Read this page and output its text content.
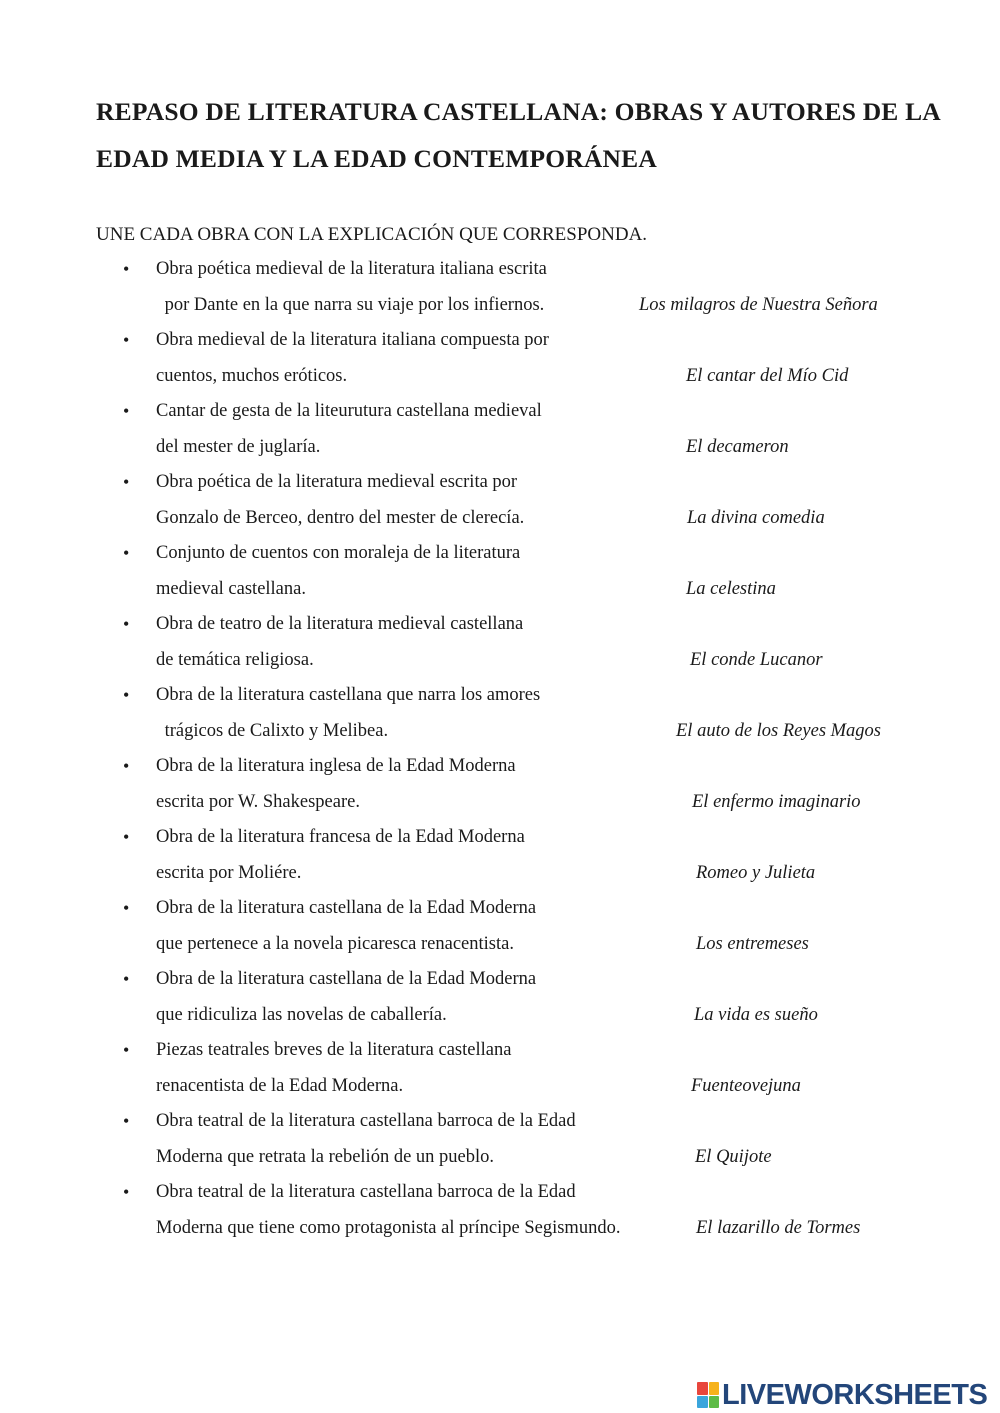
REPASO DE LITERATURA CASTELLANA: OBRAS Y AUTORES DE LA EDAD MEDIA Y LA EDAD CONTEMPORÁNEA

UNE CADA OBRA CON LA EXPLICACIÓN QUE CORRESPONDA.

• Obra poética medieval de la literatura italiana escrita
por Dante en la que narra su viaje por los infiernos.	Los milagros de Nuestra Señora
• Obra medieval de la literatura italiana compuesta por
cuentos, muchos eróticos.	El cantar del Mío Cid
• Cantar de gesta de la liteurutura castellana medieval
del mester de juglaría.	El decameron
• Obra poética de la literatura medieval escrita por
Gonzalo de Berceo, dentro del mester de clerecía.	La divina comedia
• Conjunto de cuentos con moraleja de la literatura
medieval castellana.	La celestina
• Obra de teatro de la literatura medieval castellana
de temática religiosa.	El conde Lucanor
• Obra de la literatura castellana que narra los amores
trágicos de Calixto y Melibea.	El auto de los Reyes Magos
• Obra de la literatura inglesa de la Edad Moderna
escrita por W. Shakespeare.	El enfermo imaginario
• Obra de la literatura francesa de la Edad Moderna
escrita por Moliére.	Romeo y Julieta
• Obra de la literatura castellana de la Edad Moderna
que pertenece a la novela picaresca renacentista.	Los entremeses
• Obra de la literatura castellana de la Edad Moderna
que ridiculiza las novelas de caballería.	La vida es sueño
• Piezas teatrales breves de la literatura castellana
renacentista de la Edad Moderna.	Fuenteovejuna
• Obra teatral de la literatura castellana barroca de la Edad
Moderna que retrata la rebelión de un pueblo.	El Quijote
• Obra teatral de la literatura castellana barroca de la Edad
Moderna que tiene como protagonista al príncipe Segismundo.	El lazarillo de Tormes
LIVEWORKSHEETS
